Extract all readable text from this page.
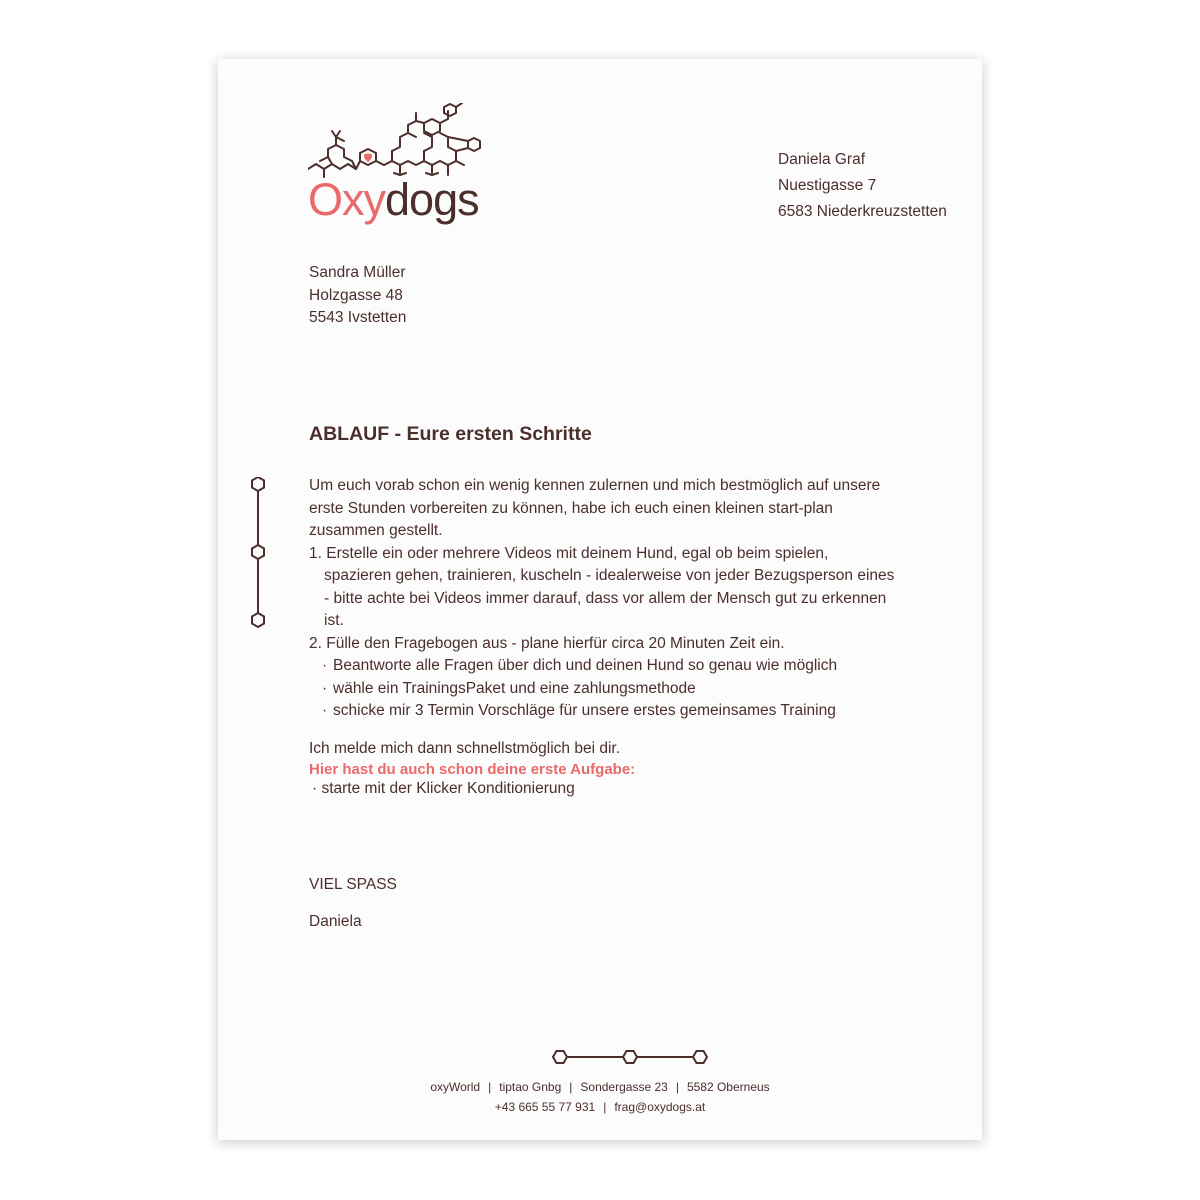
Oxydogs
Daniela Graf
Nuestigasse 7
6583 Niederkreuzstetten
Sandra Müller
Holzgasse 48
5543 Ivstetten
ABLAUF - Eure ersten Schritte

Um euch vorab schon ein wenig kennen zulernen und mich bestmöglich auf unsere erste Stunden vorbereiten zu können, habe ich euch einen kleinen start-plan zusammen gestellt.

1. Erstelle ein oder mehrere Videos mit deinem Hund, egal ob beim spielen, spazieren gehen, trainieren, kuscheln - idealerweise von jeder Bezugsperson eines - bitte achte bei Videos immer darauf, dass vor allem der Mensch gut zu erkennen ist.

2. Fülle den Fragebogen aus - plane hierfür circa 20 Minuten Zeit ein.

· Beantworte alle Fragen über dich und deinen Hund so genau wie möglich
· wähle ein TrainingsPaket und eine zahlungsmethode
· schicke mir 3 Termin Vorschläge für unsere erstes gemeinsames Training

Ich melde mich dann schnellstmöglich bei dir.

Hier hast du auch schon deine erste Aufgabe:

· starte mit der Klicker Konditionierung

VIEL SPASS
Daniela
oxyWorld | tiptao Gnbg | Sondergasse 23 | 5582 Oberneus
+43 665 55 77 931 | frag@oxydogs.at
